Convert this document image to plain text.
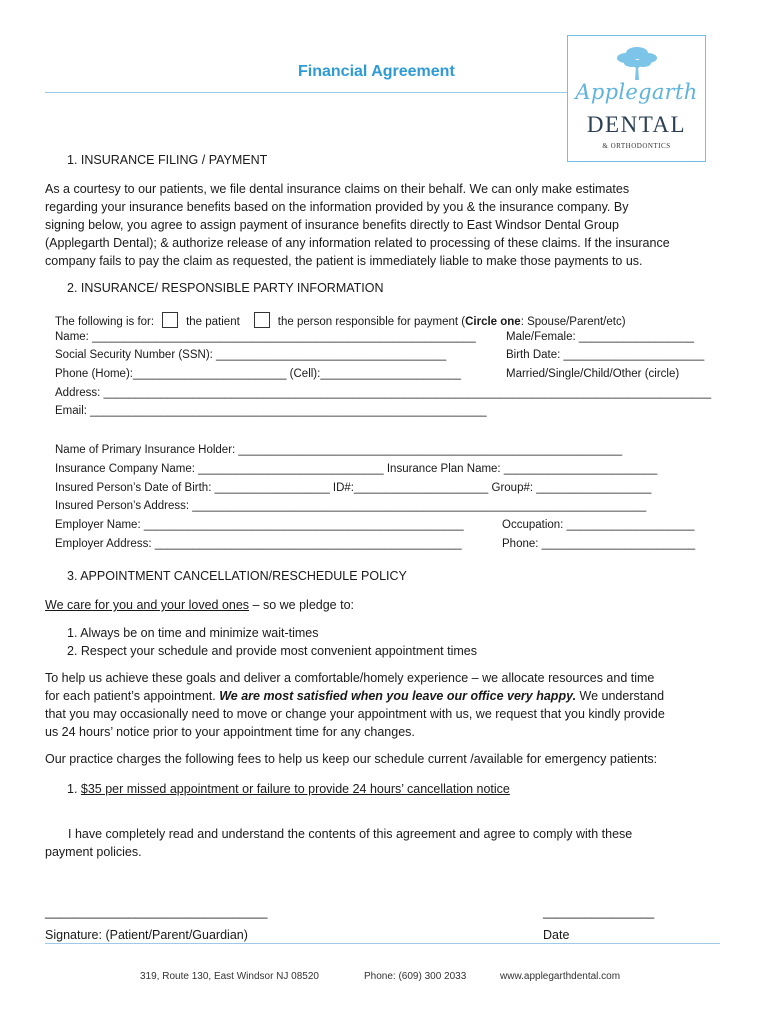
Financial Agreement
Applegarth
DENTAL
& ORTHODONTICS
1. INSURANCE FILING / PAYMENT
As a courtesy to our patients, we file dental insurance claims on their behalf. We can only make estimates
regarding your insurance benefits based on the information provided by you & the insurance company. By
signing below, you agree to assign payment of insurance benefits directly to East Windsor Dental Group
(Applegarth Dental); & authorize release of any information related to processing of these claims. If the insurance
company fails to pay the claim as requested, the patient is immediately liable to make those payments to us.
2. INSURANCE/ RESPONSIBLE PARTY INFORMATION
The following is for:	the patient	the person responsible for payment (Circle one: Spouse/Parent/etc)
Name: ____________________________________________________________	Male/Female: __________________
Social Security Number (SSN): ____________________________________	Birth Date: ______________________
Phone (Home):________________________ (Cell):______________________	Married/Single/Child/Other (circle)
Address: _______________________________________________________________________________________________
Email: ______________________________________________________________
Name of Primary Insurance Holder: ____________________________________________________________
Insurance Company Name: _____________________________ Insurance Plan Name: ________________________
Insured Person’s Date of Birth: __________________ ID#:_____________________ Group#: __________________
Insured Person’s Address: _______________________________________________________________________
Employer Name: __________________________________________________	Occupation: ____________________
Employer Address: ________________________________________________	Phone: ________________________
3. APPOINTMENT CANCELLATION/RESCHEDULE POLICY
We care for you and your loved ones – so we pledge to:
1. Always be on time and minimize wait-times
2. Respect your schedule and provide most convenient appointment times
To help us achieve these goals and deliver a comfortable/homely experience – we allocate resources and time
for each patient’s appointment. We are most satisfied when you leave our office very happy. We understand
that you may occasionally need to move or change your appointment with us, we request that you kindly provide
us 24 hours’ notice prior to your appointment time for any changes.
Our practice charges the following fees to help us keep our schedule current /available for emergency patients:
1. $35 per missed appointment or failure to provide 24 hours’ cancellation notice
I have completely read and understand the contents of this agreement and agree to comply with these
payment policies.
________________________________	________________
Signature: (Patient/Parent/Guardian)	Date
319, Route 130, East Windsor NJ 08520	Phone: (609) 300 2033	www.applegarthdental.com
